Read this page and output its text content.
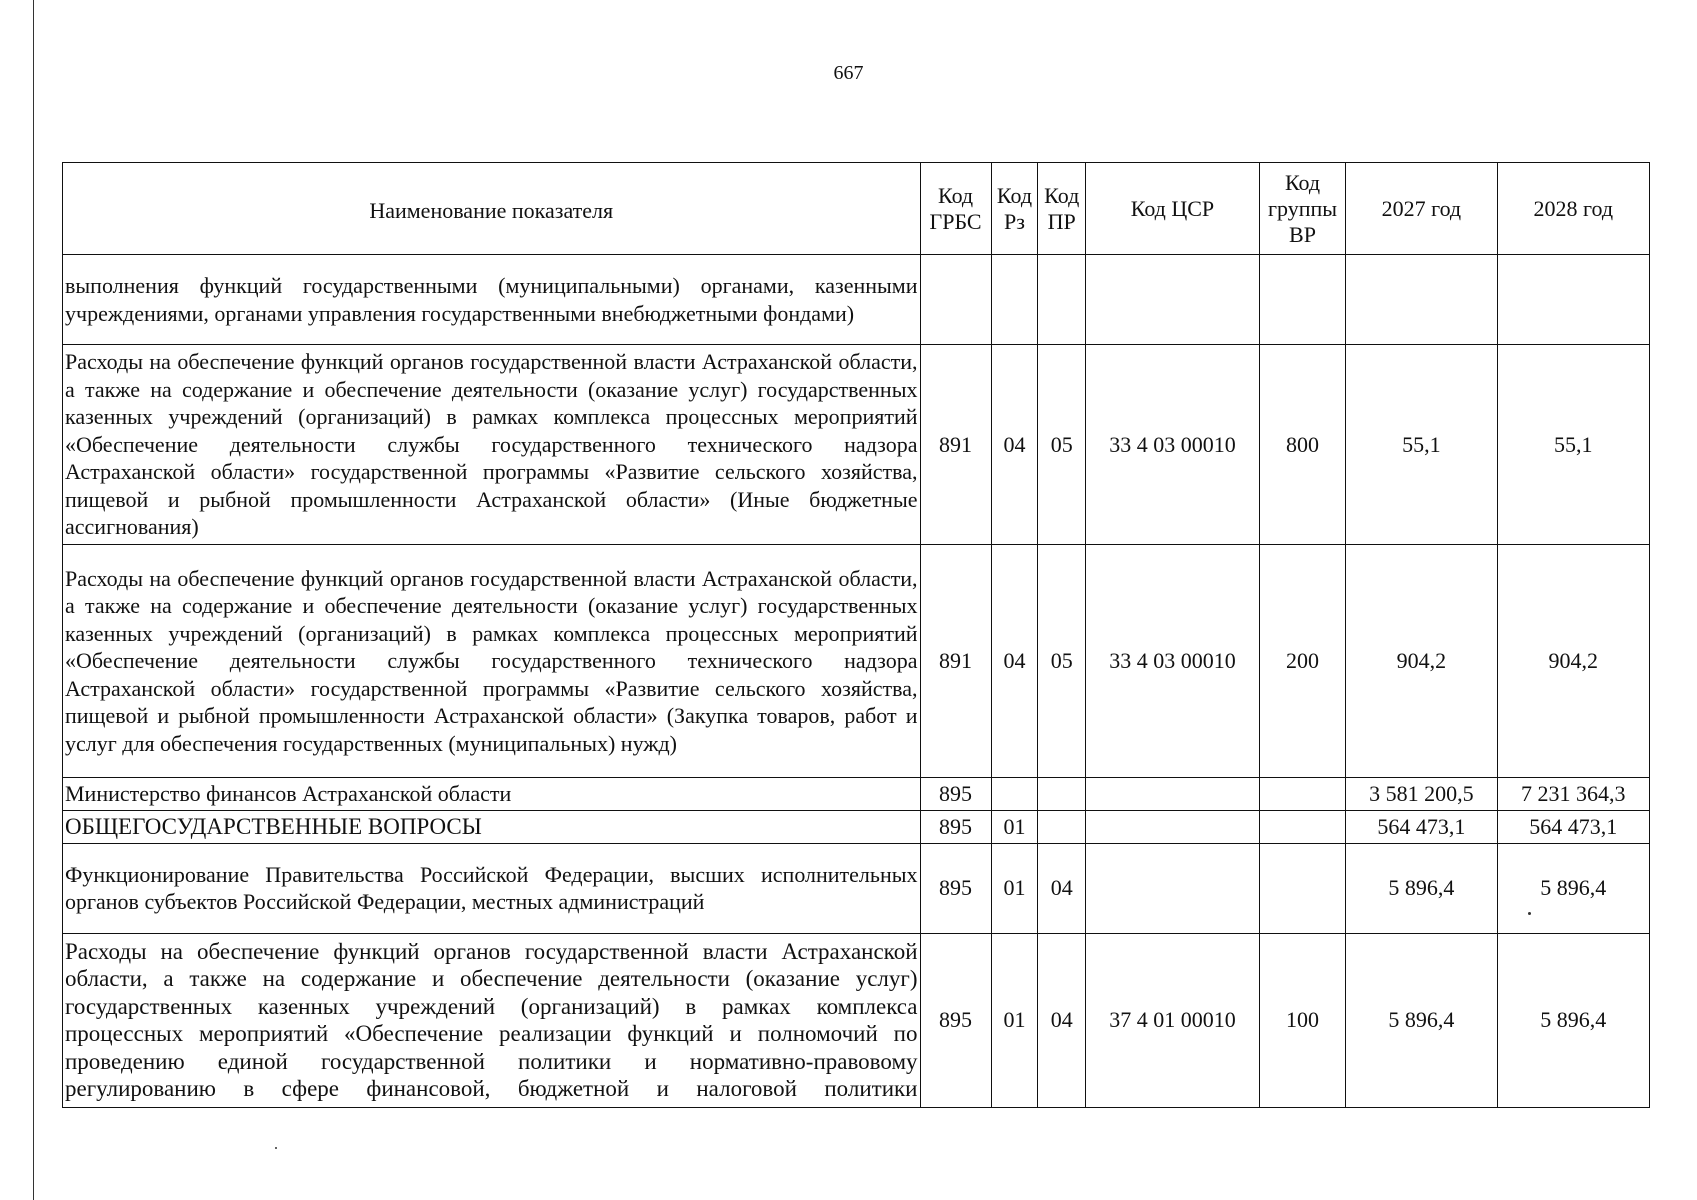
667
Наименование показателя	Код ГРБС	Код Рз	Код ПР	Код ЦСР	Код группы ВР	2027 год	2028 год
выполнения функций государственными (муниципальными) органами, казенными учреждениями, органами управления государственными внебюджетными фондами)							
Расходы на обеспечение функций органов государственной власти Астраханской области, а также на содержание и обеспечение деятельности (оказание услуг) государственных казенных учреждений (организаций) в рамках комплекса процессных мероприятий «Обеспечение деятельности службы государственного технического надзора Астраханской области» государственной программы «Развитие сельского хозяйства, пищевой и рыбной промышленности Астраханской области» (Иные бюджетные ассигнования)	891	04	05	33 4 03 00010	800	55,1	55,1
Расходы на обеспечение функций органов государственной власти Астраханской области, а также на содержание и обеспечение деятельности (оказание услуг) государственных казенных учреждений (организаций) в рамках комплекса процессных мероприятий «Обеспечение деятельности службы государственного технического надзора Астраханской области» государственной программы «Развитие сельского хозяйства, пищевой и рыбной промышленности Астраханской области» (Закупка товаров, работ и услуг для обеспечения государственных (муниципальных) нужд)	891	04	05	33 4 03 00010	200	904,2	904,2
Министерство финансов Астраханской области	895					3 581 200,5	7 231 364,3
ОБЩЕГОСУДАРСТВЕННЫЕ ВОПРОСЫ	895	01				564 473,1	564 473,1
Функционирование Правительства Российской Федерации, высших исполнительных органов субъектов Российской Федерации, местных администраций	895	01	04			5 896,4	5 896,4
Расходы на обеспечение функций органов государственной власти Астраханской области, а также на содержание и обеспечение деятельности (оказание услуг) государственных казенных учреждений (организаций) в рамках комплекса процессных мероприятий «Обеспечение реализации функций и полномочий по проведению единой государственной политики и нормативно-правовому регулированию в сфере финансовой, бюджетной и налоговой политики	895	01	04	37 4 01 00010	100	5 896,4	5 896,4
